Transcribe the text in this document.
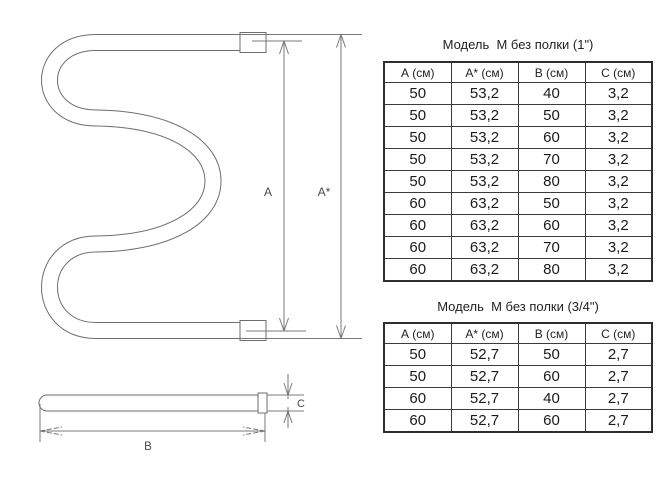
А	А*
С
В
Модель  М без полки (1")
А (см)	А* (см)	В (см)	С (см)
50	53,2	40	3,2
50	53,2	50	3,2
50	53,2	60	3,2
50	53,2	70	3,2
50	53,2	80	3,2
60	63,2	50	3,2
60	63,2	60	3,2
60	63,2	70	3,2
60	63,2	80	3,2
Модель  М без полки (3/4")
А (см)	А* (см)	В (см)	С (см)
50	52,7	50	2,7
50	52,7	60	2,7
60	52,7	40	2,7
60	52,7	60	2,7
